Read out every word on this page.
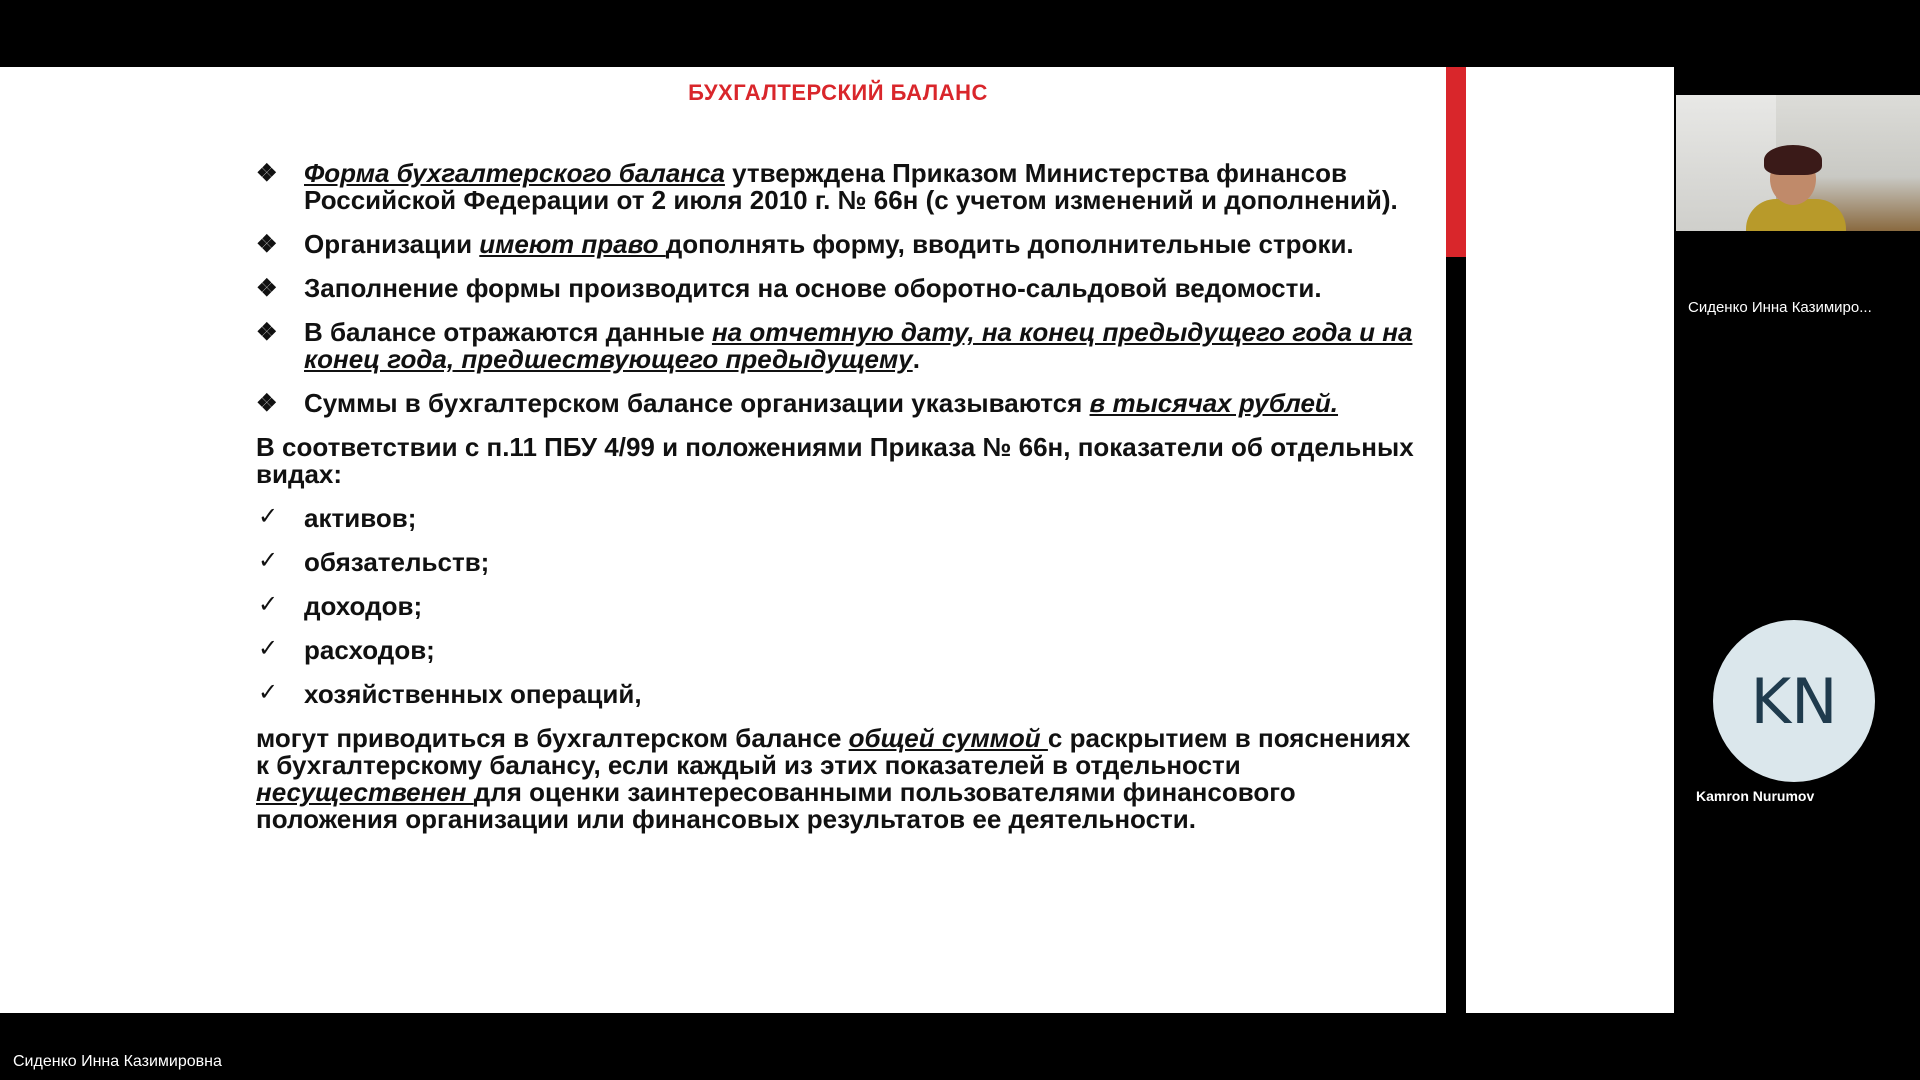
БУХГАЛТЕРСКИЙ БАЛАНС
❖ Форма бухгалтерского баланса утверждена Приказом Министерства финансов Российской Федерации от 2 июля 2010 г. № 66н (с учетом изменений и дополнений).
❖ Организации имеют право дополнять форму, вводить дополнительные строки.
❖ Заполнение формы производится на основе оборотно-сальдовой ведомости.
❖ В балансе отражаются данные на отчетную дату, на конец предыдущего года и на конец года, предшествующего предыдущему.
❖ Суммы в бухгалтерском балансе организации указываются в тысячах рублей.
В соответствии с п.11 ПБУ 4/99 и положениями Приказа № 66н, показатели об отдельных видах:
✓ активов;
✓ обязательств;
✓ доходов;
✓ расходов;
✓ хозяйственных операций,
могут приводиться в бухгалтерском балансе общей суммой с раскрытием в пояснениях к бухгалтерскому балансу, если каждый из этих показателей в отдельности несущественен для оценки заинтересованными пользователями финансового положения организации или финансовых результатов ее деятельности.
Сиденко Инна Казимиро...
KN
Kamron Nurumov
Сиденко Инна Казимировна
